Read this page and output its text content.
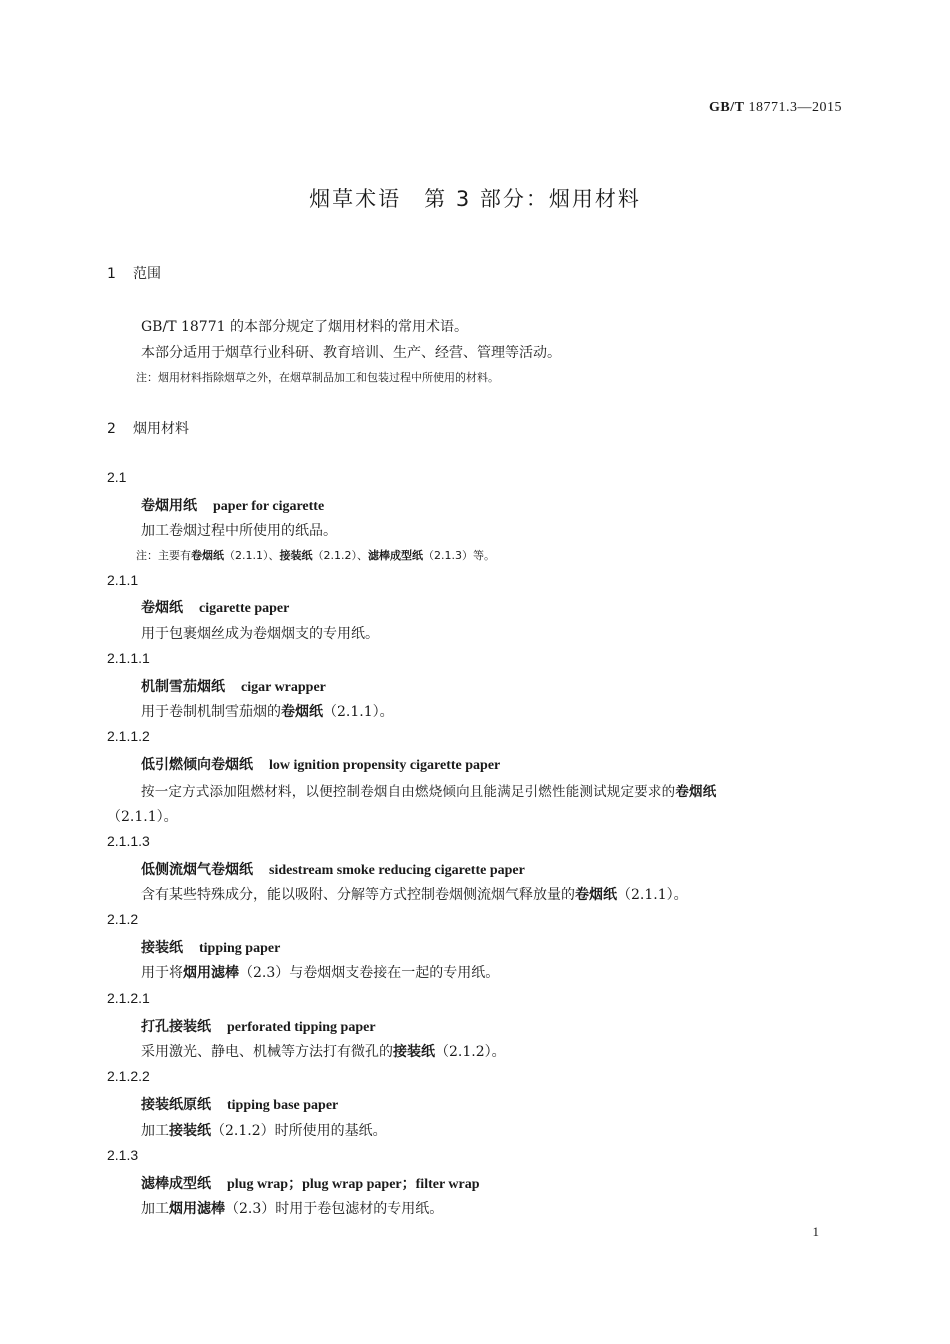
GB/T 18771.3—2015
烟草术语　第 3 部分：烟用材料
1 范围
GB/T 18771 的本部分规定了烟用材料的常用术语。
本部分适用于烟草行业科研、教育培训、生产、经营、管理等活动。
注：烟用材料指除烟草之外，在烟草制品加工和包装过程中所使用的材料。
2 烟用材料
2.1
卷烟用纸 paper for cigarette
加工卷烟过程中所使用的纸品。
注：主要有卷烟纸（2.1.1）、接装纸（2.1.2）、滤棒成型纸（2.1.3）等。
2.1.1
卷烟纸 cigarette paper
用于包裹烟丝成为卷烟烟支的专用纸。
2.1.1.1
机制雪茄烟纸 cigar wrapper
用于卷制机制雪茄烟的卷烟纸（2.1.1）。
2.1.1.2
低引燃倾向卷烟纸 low ignition propensity cigarette paper
按一定方式添加阻燃材料，以便控制卷烟自由燃烧倾向且能满足引燃性能测试规定要求的卷烟纸
（2.1.1）。
2.1.1.3
低侧流烟气卷烟纸 sidestream smoke reducing cigarette paper
含有某些特殊成分，能以吸附、分解等方式控制卷烟侧流烟气释放量的卷烟纸（2.1.1）。
2.1.2
接装纸 tipping paper
用于将烟用滤棒（2.3）与卷烟烟支卷接在一起的专用纸。
2.1.2.1
打孔接装纸 perforated tipping paper
采用激光、静电、机械等方法打有微孔的接装纸（2.1.2）。
2.1.2.2
接装纸原纸 tipping base paper
加工接装纸（2.1.2）时所使用的基纸。
2.1.3
滤棒成型纸 plug wrap；plug wrap paper；filter wrap
加工烟用滤棒（2.3）时用于卷包滤材的专用纸。
1
